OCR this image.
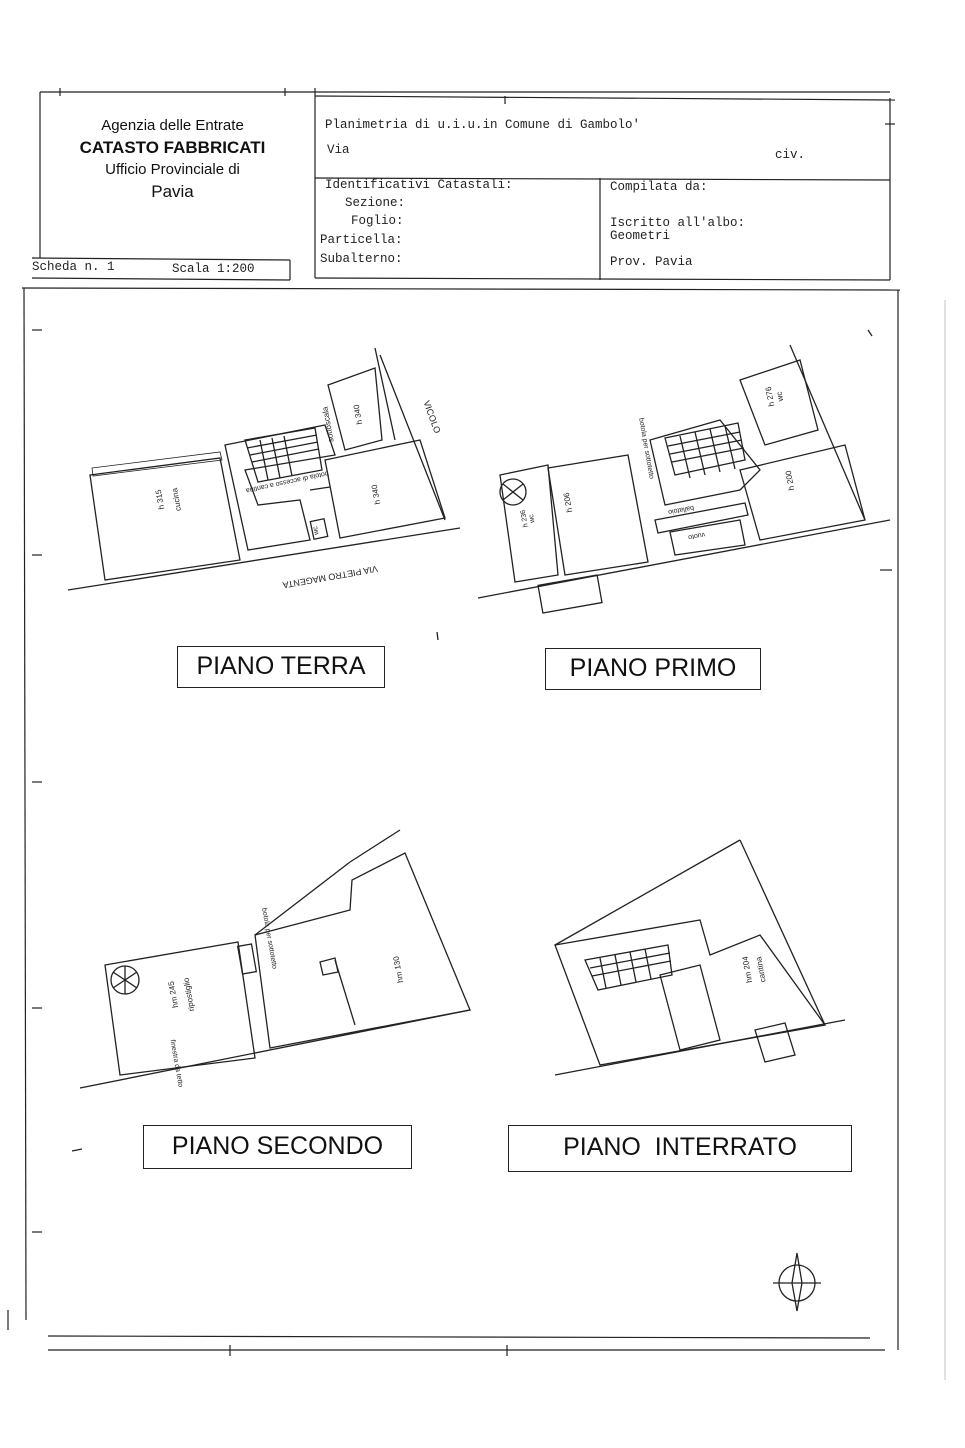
Agenzia delle Entrate
CATASTO FABBRICATI
Ufficio Provinciale di
Pavia
Planimetria di u.i.u.in Comune di Gambolo'
Via	civ.
Identificativi Catastali:
Sezione:
Foglio:
Particella:
Subalterno:
Compilata da:
Iscritto all'albo:
Geometri
Prov. Pavia
Scheda n. 1	Scala 1:200
cucina
h 315
h 340
h 340
sottoscala
botola di accesso a cantina
wc
VICOLO
VIA PIETRO MAGENTA
wc
h 276
h 200
h 206
wc
h 236
botola per sottotetto
ballatoio
vuoto
ripostiglio
hm 245
hm 130
botola per sottotetto
finestra da tetto
cantina
hm 204
PIANO TERRA	PIANO PRIMO
PIANO SECONDO	PIANO  INTERRATO
